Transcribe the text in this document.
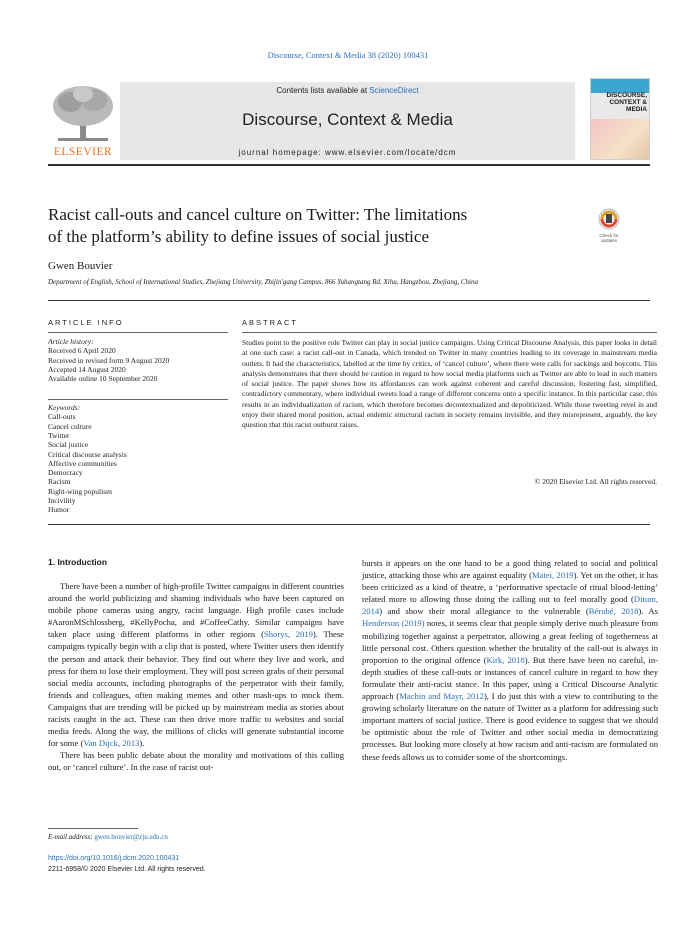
Discourse, Context & Media 38 (2020) 100431
ELSEVIER
Contents lists available at ScienceDirect
Discourse, Context & Media
journal homepage: www.elsevier.com/locate/dcm
DISCOURSE, CONTEXT & MEDIA
Racist call-outs and cancel culture on Twitter: The limitations
of the platform’s ability to define issues of social justice	Check for updates
Gwen Bouvier
Department of English, School of International Studies, Zhejiang University, Zhijin'gang Campus, 866 Yuhangtang Rd, Xihu, Hangzhou, Zhejiang, China
ARTICLE INFO
Article history:
Received 6 April 2020
Received in revised form 9 August 2020
Accepted 14 August 2020
Available online 10 September 2020
Keywords:
Call-outs
Cancel culture
Twitter
Social justice
Critical discourse analysis
Affective communities
Democracy
Racism
Right-wing populism
Incivility
Humor
ABSTRACT
Studies point to the positive role Twitter can play in social justice campaigns. Using Critical Discourse Analysis, this paper looks in detail at one such case: a racist call-out in Canada, which trended on Twitter in many countries leading to its coverage in mainstream media outlets. It had the characteristics, labelled at the time by critics, of ‘cancel culture’, where there were calls for sackings and boycotts. This analysis demonstrates that there should be caution in regard to how social media platforms such as Twitter are able to lead in such matters of social justice. The paper shows how its affordances can work against coherent and careful discussion, fostering fast, simplified, contradictory commentary, where individual tweets load a range of different concerns onto a specific instance. In this particular case, this results in an individualization of racism, which therefore becomes decontextualized and depoliticized. While those tweeting revel in and enjoy their shared moral position, actual endemic structural racism in society remains invisible, and they misrepresent, arguably, the key question that this racist outburst raises.
© 2020 Elsevier Ltd. All rights reserved.
1. Introduction

There have been a number of high-profile Twitter campaigns in different countries around the world publicizing and shaming individuals who have been captured on mobile phone cameras using angry, racist language. High profile cases include #AaronMSchlossberg, #KellyPocha, and #CoffeeCathy. Similar campaigns have taken place using different platforms in other regions (Shorys, 2019). These campaigns typically begin with a clip that is posted, where Twitter users then identify the person and attack their behavior. They find out where they live and work, and press for them to lose their employment. They will post screen grabs of their personal social media accounts, including photographs of the perpetrator with their family, friends and colleagues, often making memes and other mash-ups to mock them. Campaigns that are trending will be picked up by mainstream media as stories about racists caught in the act. These can then drive more traffic to websites and social media feeds. Along the way, the millions of clicks will generate substantial income for some (Van Dijck, 2013).

There has been public debate about the morality and motivations of this calling out, or ‘cancel culture’. In the case of racist out-

bursts it appears on the one hand to be a good thing related to social and political justice, attacking those who are against equality (Matei, 2019). Yet on the other, it has been criticized as a kind of theatre, a ‘performative spectacle of ritual blood-letting’ related more to allowing those doing the calling out to feel morally good (Ditum, 2014) and show their moral allegiance to the vulnerable (Bérubé, 2018). As Henderson (2019) notes, it seems clear that people simply derive much pleasure from mobilizing together against a perpetrator, allowing a great feeling of togetherness at little personal cost. Others question whether the brutality of the call-out is always in proportion to the original offence (Kirk, 2018). But there have been no careful, in-depth studies of these call-outs or instances of cancel culture in regard to how they formulate their anti-racist stance. In this paper, using a Critical Discourse Analytic approach (Machin and Mayr, 2012), I do just this with a view to contributing to the growing scholarly literature on the nature of Twitter as a platform for addressing such important matters of social justice. There is good evidence to suggest that we should be optimistic about the role of Twitter and other social media in democratizing processes. But looking more closely at how racism and anti-racism are formulated on these feeds allows us to consider some of the shortcomings.

E-mail address: gwen.bouvier@zju.edu.cn
https://doi.org/10.1016/j.dcm.2020.100431
2211-6958/© 2020 Elsevier Ltd. All rights reserved.
